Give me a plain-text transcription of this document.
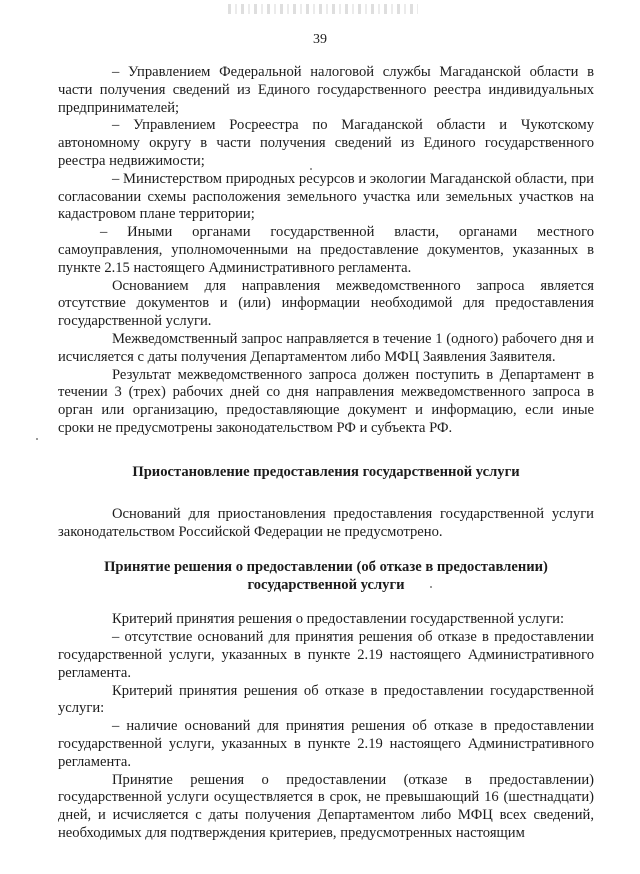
39

– Управлением Федеральной налоговой службы Магаданской области в части получения сведений из Единого государственного реестра индивидуальных предпринимателей;

– Управлением Росреестра по Магаданской области и Чукотскому автономному округу в части получения сведений из Единого государственного реестра недвижимости;

– Министерством природных ресурсов и экологии Магаданской области, при согласовании схемы расположения земельного участка или земельных участков на кадастровом плане территории;

– Иными органами государственной власти, органами местного самоуправления, уполномоченными на предоставление документов, указанных в пункте 2.15 настоящего Административного регламента.

Основанием для направления межведомственного запроса является отсутствие документов и (или) информации необходимой для предоставления государственной услуги.

Межведомственный запрос направляется в течение 1 (одного) рабочего дня и исчисляется с даты получения Департаментом либо МФЦ Заявления Заявителя.

Результат межведомственного запроса должен поступить в Департамент в течении 3 (трех) рабочих дней со дня направления межведомственного запроса в орган или организацию, предоставляющие документ и информацию, если иные сроки не предусмотрены законодательством РФ и субъекта РФ.

Приостановление предоставления государственной услуги

Оснований для приостановления предоставления государственной услуги законодательством Российской Федерации не предусмотрено.

Принятие решения о предоставлении (об отказе в предоставлении)
государственной услуги

Критерий принятия решения о предоставлении государственной услуги:

– отсутствие оснований для принятия решения об отказе в предоставлении государственной услуги, указанных в пункте 2.19 настоящего Административного регламента.

Критерий принятия решения об отказе в предоставлении государственной услуги:

– наличие оснований для принятия решения об отказе в предоставлении государственной услуги, указанных в пункте 2.19 настоящего Административного регламента.

Принятие решения о предоставлении (отказе в предоставлении) государственной услуги осуществляется в срок, не превышающий 16 (шестнадцати) дней, и исчисляется с даты получения Департаментом либо МФЦ всех сведений, необходимых для подтверждения критериев, предусмотренных настоящим
